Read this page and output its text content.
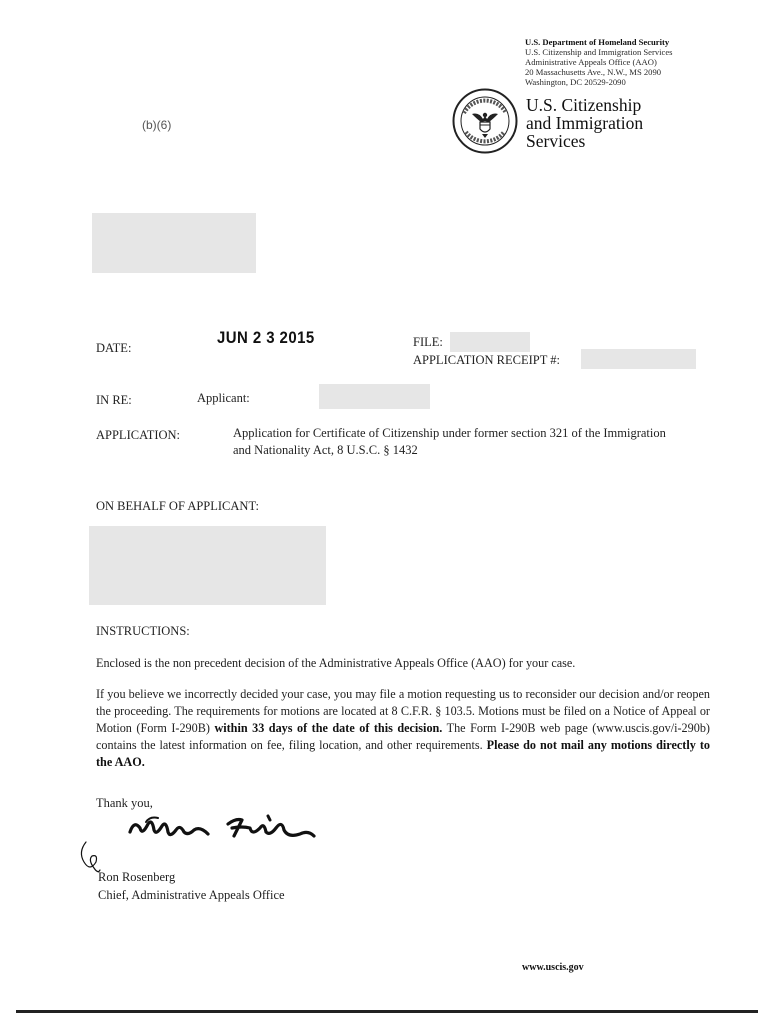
U.S. Department of Homeland Security
U.S. Citizenship and Immigration Services
Administrative Appeals Office (AAO)
20 Massachusetts Ave., N.W., MS 2090
Washington, DC 20529-2090
U.S. Citizenship
and Immigration
Services
(b)(6)
DATE:
JUN 2 3 2015	FILE:
APPLICATION RECEIPT #:
IN RE:	Applicant:
APPLICATION:	Application for Certificate of Citizenship under former section 321 of the Immigration
and Nationality Act, 8 U.S.C. § 1432
ON BEHALF OF APPLICANT:
INSTRUCTIONS:
Enclosed is the non precedent decision of the Administrative Appeals Office (AAO) for your case.
If you believe we incorrectly decided your case, you may file a motion requesting us to reconsider our decision and/or reopen the proceeding. The requirements for motions are located at 8 C.F.R. § 103.5. Motions must be filed on a Notice of Appeal or Motion (Form I-290B) within 33 days of the date of this decision. The Form I-290B web page (www.uscis.gov/i-290b) contains the latest information on fee, filing location, and other requirements. Please do not mail any motions directly to the AAO.
Thank you,
Ron Rosenberg
Chief, Administrative Appeals Office
www.uscis.gov
